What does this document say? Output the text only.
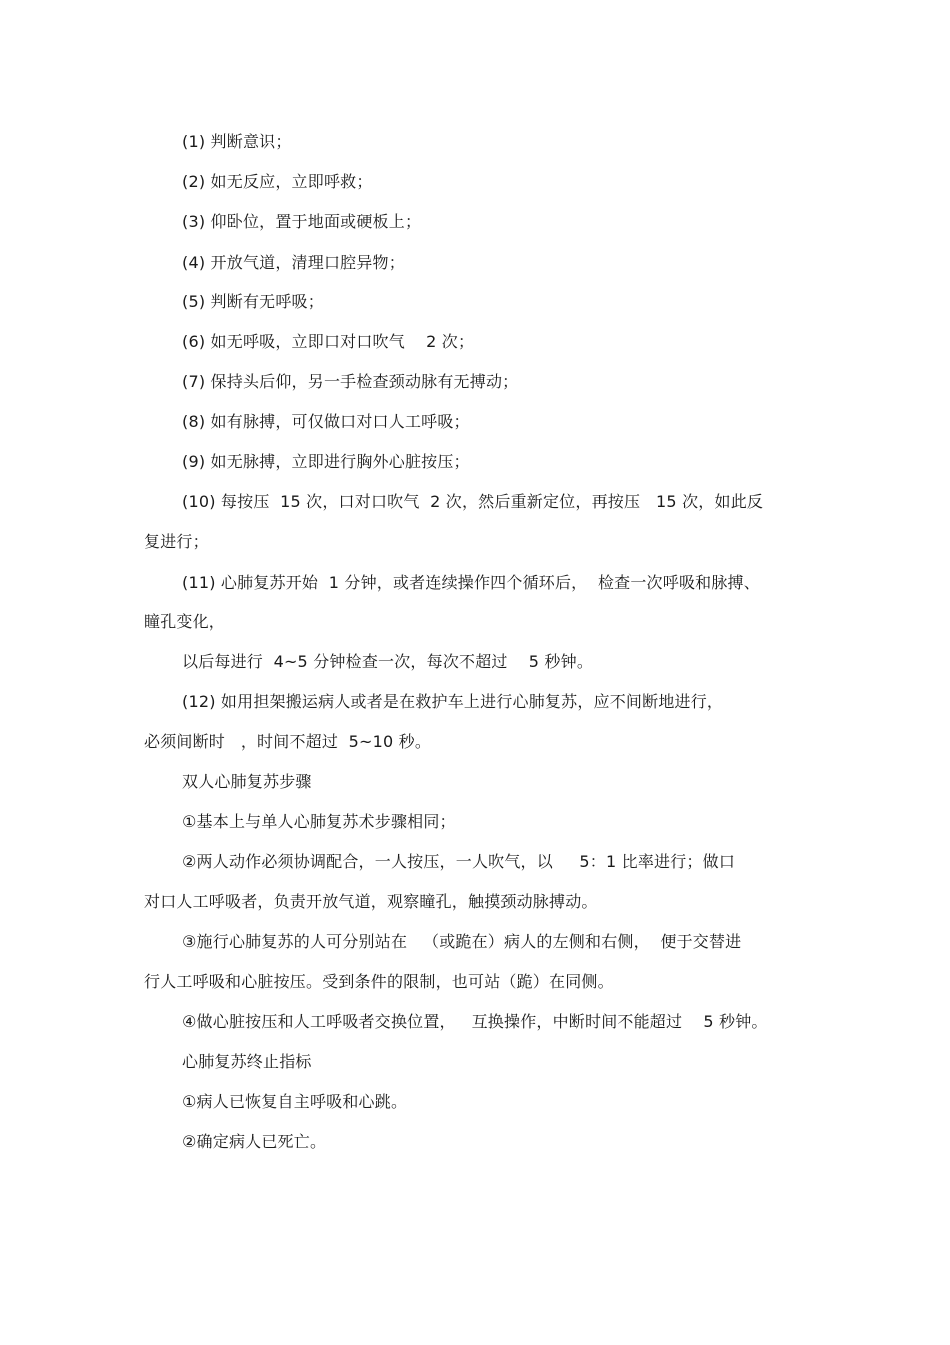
(1) 判断意识；
(2) 如无反应，立即呼救；
(3) 仰卧位，置于地面或硬板上；
(4) 开放气道，清理口腔异物；
(5) 判断有无呼吸；
(6) 如无呼吸，立即口对口吹气    2 次；
(7) 保持头后仰，另一手检查颈动脉有无搏动；
(8) 如有脉搏，可仅做口对口人工呼吸；
(9) 如无脉搏，立即进行胸外心脏按压；
(10) 每按压  15 次，口对口吹气  2 次，然后重新定位，再按压   15 次，如此反
复进行；
(11) 心肺复苏开始  1 分钟，或者连续操作四个循环后，  检查一次呼吸和脉搏、
瞳孔变化，
以后每进行  4~5 分钟检查一次，每次不超过    5 秒钟。
(12) 如用担架搬运病人或者是在救护车上进行心肺复苏，应不间断地进行，
必须间断时   ，时间不超过  5~10 秒。
双人心肺复苏步骤
①基本上与单人心肺复苏术步骤相同；
②两人动作必须协调配合，一人按压，一人吹气，以     5：1 比率进行；做口
对口人工呼吸者，负责开放气道，观察瞳孔，触摸颈动脉搏动。
③施行心肺复苏的人可分别站在   （或跪在）病人的左侧和右侧，  便于交替进
行人工呼吸和心脏按压。受到条件的限制，也可站（跪）在同侧。
④做心脏按压和人工呼吸者交换位置，   互换操作，中断时间不能超过    5 秒钟。
心肺复苏终止指标
①病人已恢复自主呼吸和心跳。
②确定病人已死亡。
